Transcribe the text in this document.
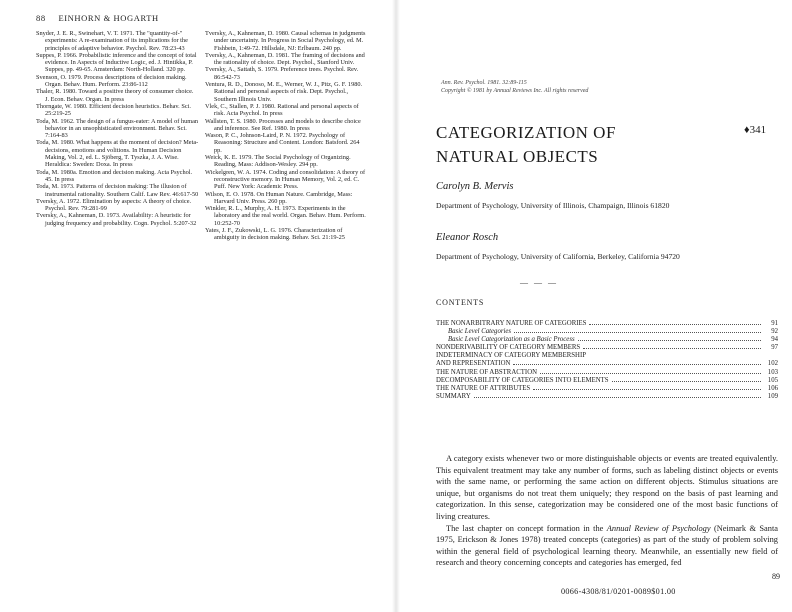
88 EINHORN & HOGARTH
Snyder, J. E. R., Swinehart, V. T. 1971. The "quantity-of-" experiments: A re-examination of its implications for the principles of adaptive behavior. Psychol. Rev. 78:23-43
Suppes, P. 1966. Probabilistic inference and the concept of total evidence. In Aspects of Inductive Logic, ed. J. Hintikka, P. Suppes, pp. 49-65. Amsterdam: North-Holland. 320 pp.
Svenson, O. 1979. Process descriptions of decision making. Organ. Behav. Hum. Perform. 23:86-112
Thaler, R. 1980. Toward a positive theory of consumer choice. J. Econ. Behav. Organ. In press
Thorngate, W. 1980. Efficient decision heuristics. Behav. Sci. 25:219-25
Toda, M. 1962. The design of a fungus-eater: A model of human behavior in an unsophisticated environment. Behav. Sci. 7:164-83
Toda, M. 1980. What happens at the moment of decision? Meta-decisions, emotions and volitions. In Human Decision Making, Vol. 2, ed. L. Sjöberg, T. Tyszka, J. A. Wise. Heraldica: Sweden: Doxa. In press
Toda, M. 1980a. Emotion and decision making. Acta Psychol. 45. In press
Toda, M. 1973. Patterns of decision making: The illusion of instrumental rationality. Southern Calif. Law Rev. 46:617-50
Tversky, A. 1972. Elimination by aspects: A theory of choice. Psychol. Rev. 79:281-99
Tversky, A., Kahneman, D. 1973. Availability: A heuristic for judging frequency and probability. Cogn. Psychol. 5:207-32
Tversky, A., Kahneman, D. 1980. Causal schemas in judgments under uncertainty. In Progress in Social Psychology, ed. M. Fishbein, 1:49-72. Hillsdale, NJ: Erlbaum. 240 pp.
Tversky, A., Kahneman, D. 1981. The framing of decisions and the rationality of choice. Dept. Psychol., Stanford Univ.
Tversky, A., Sattath, S. 1979. Preference trees. Psychol. Rev. 86:542-73
Ventura, R. D., Donoso, M. E., Werner, W. J., Pitz, G. F. 1980. Rational and personal aspects of risk. Dept. Psychol., Southern Illinois Univ.
Vlek, C., Stallen, P. J. 1980. Rational and personal aspects of risk. Acta Psychol. In press
Wallsten, T. S. 1980. Processes and models to describe choice and inference. See Ref. 1980. In press
Wason, P. C., Johnson-Laird, P. N. 1972. Psychology of Reasoning: Structure and Content. London: Batsford. 264 pp.
Weick, K. E. 1979. The Social Psychology of Organizing. Reading, Mass: Addison-Wesley. 294 pp.
Wickelgren, W. A. 1974. Coding and consolidation: A theory of reconstructive memory. In Human Memory, Vol. 2, ed. C. Puff. New York: Academic Press.
Wilson, E. O. 1978. On Human Nature. Cambridge, Mass: Harvard Univ. Press. 260 pp.
Winkler, R. L., Murphy, A. H. 1973. Experiments in the laboratory and the real world. Organ. Behav. Hum. Perform. 10:252-70
Yates, J. F., Zukowski, L. G. 1976. Characterization of ambiguity in decision making. Behav. Sci. 21:19-25
Ann. Rev. Psychol. 1981. 32:89-115
Copyright © 1981 by Annual Reviews Inc. All rights reserved
CATEGORIZATION OF
NATURAL OBJECTS
♦341
Carolyn B. Mervis
Department of Psychology, University of Illinois, Champaign, Illinois 61820
Eleanor Rosch
Department of Psychology, University of California, Berkeley, California 94720
— — —
CONTENTS
THE NONARBITRARY NATURE OF CATEGORIES	91
Basic Level Categories	92
Basic Level Categorization as a Basic Process	94
NONDERIVABILITY OF CATEGORY MEMBERS	97
INDETERMINACY OF CATEGORY MEMBERSHIP
AND REPRESENTATION	102
THE NATURE OF ABSTRACTION	103
DECOMPOSABILITY OF CATEGORIES INTO ELEMENTS	105
THE NATURE OF ATTRIBUTES	106
SUMMARY	109

A category exists whenever two or more distinguishable objects or events are treated equivalently. This equivalent treatment may take any number of forms, such as labeling distinct objects or events with the same name, or performing the same action on different objects. Stimulus situations are unique, but organisms do not treat them uniquely; they respond on the basis of past learning and categorization. In this sense, categorization may be considered one of the most basic functions of living creatures.

The last chapter on concept formation in the Annual Review of Psychology (Neimark & Santa 1975, Erickson & Jones 1978) treated concepts (categories) as part of the study of problem solving within the general field of psychological learning theory. Meanwhile, an essentially new field of research and theory concerning concepts and categories has emerged, fed

89
0066-4308/81/0201-0089$01.00
